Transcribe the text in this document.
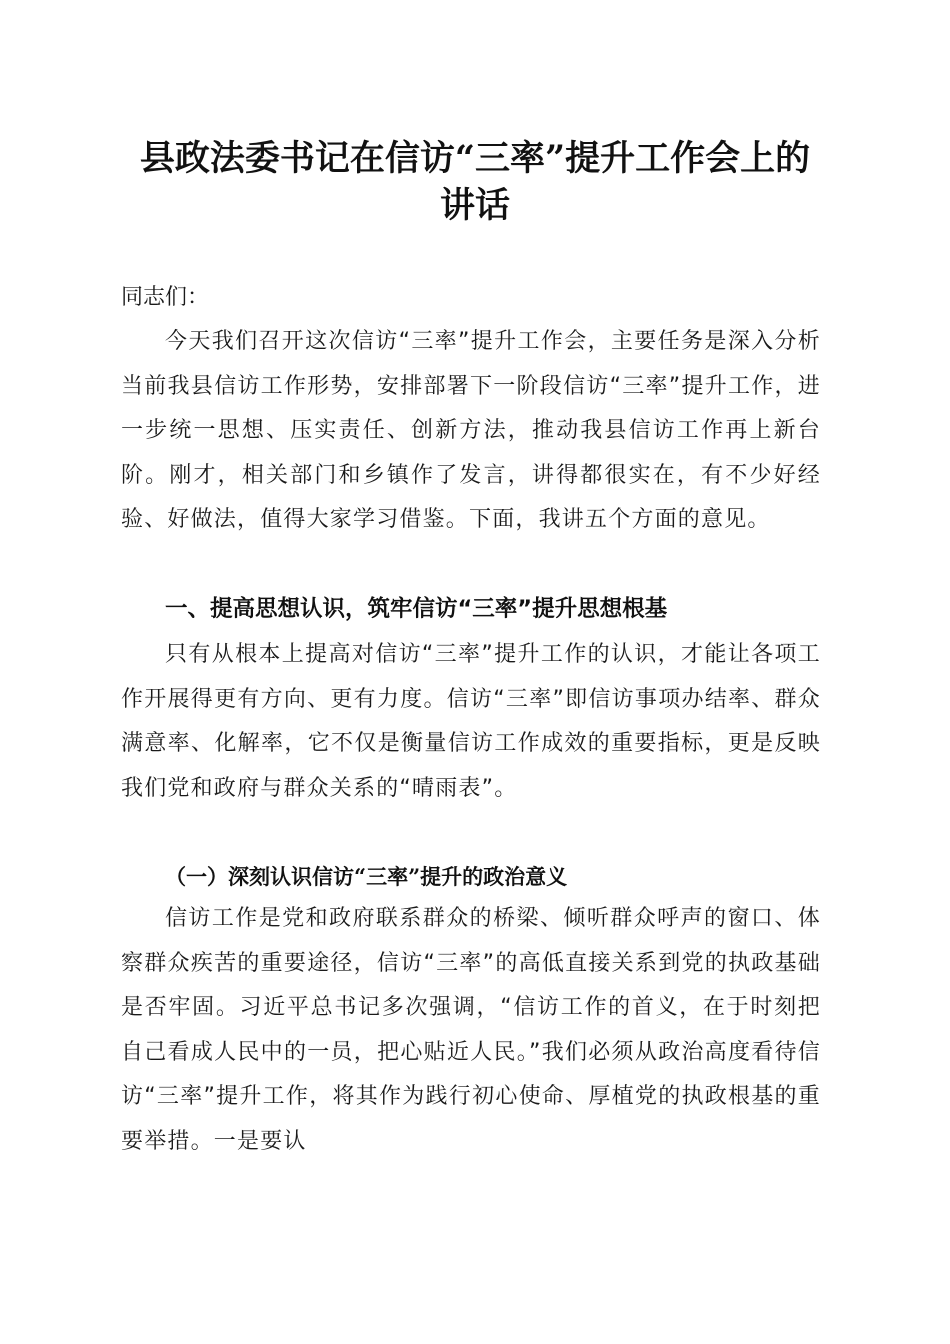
县政法委书记在信访“三率”提升工作会上的
讲话

同志们：

今天我们召开这次信访“三率”提升工作会，主要任务是深入分析当前我县信访工作形势，安排部署下一阶段信访“三率”提升工作，进一步统一思想、压实责任、创新方法，推动我县信访工作再上新台阶。刚才，相关部门和乡镇作了发言，讲得都很实在，有不少好经验、好做法，值得大家学习借鉴。下面，我讲五个方面的意见。

一、提高思想认识，筑牢信访“三率”提升思想根基

只有从根本上提高对信访“三率”提升工作的认识，才能让各项工作开展得更有方向、更有力度。信访“三率”即信访事项办结率、群众满意率、化解率，它不仅是衡量信访工作成效的重要指标，更是反映我们党和政府与群众关系的“晴雨表”。

（一）深刻认识信访“三率”提升的政治意义

信访工作是党和政府联系群众的桥梁、倾听群众呼声的窗口、体察群众疾苦的重要途径，信访“三率”的高低直接关系到党的执政基础是否牢固。习近平总书记多次强调，“信访工作的首义，在于时刻把自己看成人民中的一员，把心贴近人民。”我们必须从政治高度看待信访“三率”提升工作，将其作为践行初心使命、厚植党的执政根基的重要举措。一是要认
